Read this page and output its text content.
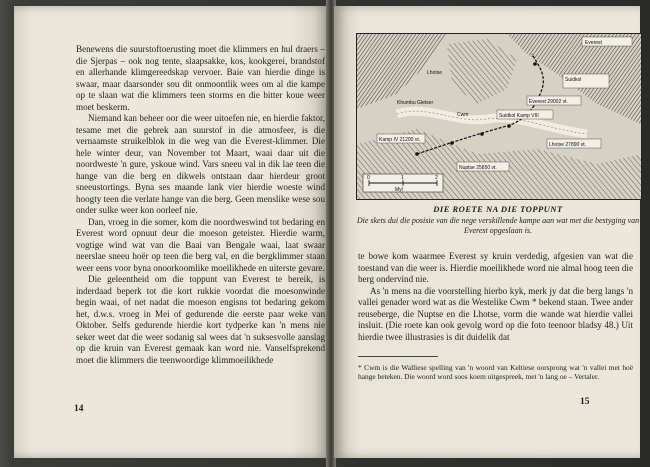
Benewens die suurstoftoerusting moet die klimmers en hul draers – die Sjerpas – ook nog tente, slaapsakke, kos, kookgerei, brandstof en allerhande klimgereedskap vervoer. Baie van hierdie dinge is swaar, maar daarsonder sou dit onmoontlik wees om al die kampe op te slaan wat die klimmers teen storms en die bitter koue weer moet beskerm.

Niemand kan beheer oor die weer uitoefen nie, en hierdie faktor, tesame met die gebrek aan suurstof in die atmosfeer, is die vernaamste struikelblok in die weg van die Everest-klimmer. Die hele winter deur, van November tot Maart, waai daar uit die noordweste 'n gure, yskoue wind. Vars sneeu val in dik lae teen die hange van die berg en dikwels ontstaan daar hierdeur groot sneeustortings. Byna ses maande lank vier hierdie woeste wind hoogty teen die verlate hange van die berg. Geen menslike wese sou onder sulke weer kon oorleef nie.

Dan, vroeg in die somer, kom die noordweswind tot bedaring en Everest word opnuut deur die moeson geteister. Hierdie warm, vogtige wind wat van die Baai van Bengale waai, laat swaar neerslae sneeu hoër op teen die berg val, en die bergklimmer staan weer eens voor byna onoorkoomlike moeilikhede en uiterste gevare.

Die geleentheid om die toppunt van Everest te bereik, is inderdaad beperk tot die kort rukkie voordat die moesonwinde begin waai, of net nadat die moeson engisns tot bedaring gekom het, d.w.s. vroeg in Mei of gedurende die eerste paar weke van Oktober. Selfs gedurende hierdie kort tydperke kan 'n mens nie seker weet dat die weer sodanig sal wees dat 'n suksesvolle aanslag op die kruin van Everest gemaak kan word nie. Vanselfsprekend moet die klimmers die teenwoordige klimmoeilikhede

14
Everest
Suidkol
Everest 29002 vt.
Suidkol Kamp VIII
Lhotse 27890 vt.
Nuptse 25850 vt.
Kamp IV 21200 vt.
Lhotse
Cwm
Khumbu Gletser
Myl
0	1	2
DIE ROETE NA DIE TOPPUNT
Die skets dui die posisie van die nege verskillende kampe aan wat met die bestyging van Everest opgeslaan is.

te bowe kom waarmee Everest sy kruin verdedig, afgesien van wat die toestand van die weer is. Hierdie moeilikhede word nie almal hoog teen die berg ondervind nie.

As 'n mens na die voorstelling hierbo kyk, merk jy dat die berg langs 'n vallei genader word wat as die Westelike Cwm * bekend staan. Twee ander reuseberge, die Nuptse en die Lhotse, vorm die wande wat hierdie vallei insluit. (Die roete kan ook gevolg word op die foto teenoor bladsy 48.) Uit hierdie twee illustrasies is dit duidelik dat

* Cwm is die Walliese spelling van 'n woord van Keltiese oorsprong wat 'n vallei met hoë hange beteken. Die woord word soos koem uitgespreek, met 'n lang oe – Vertaler.
15
